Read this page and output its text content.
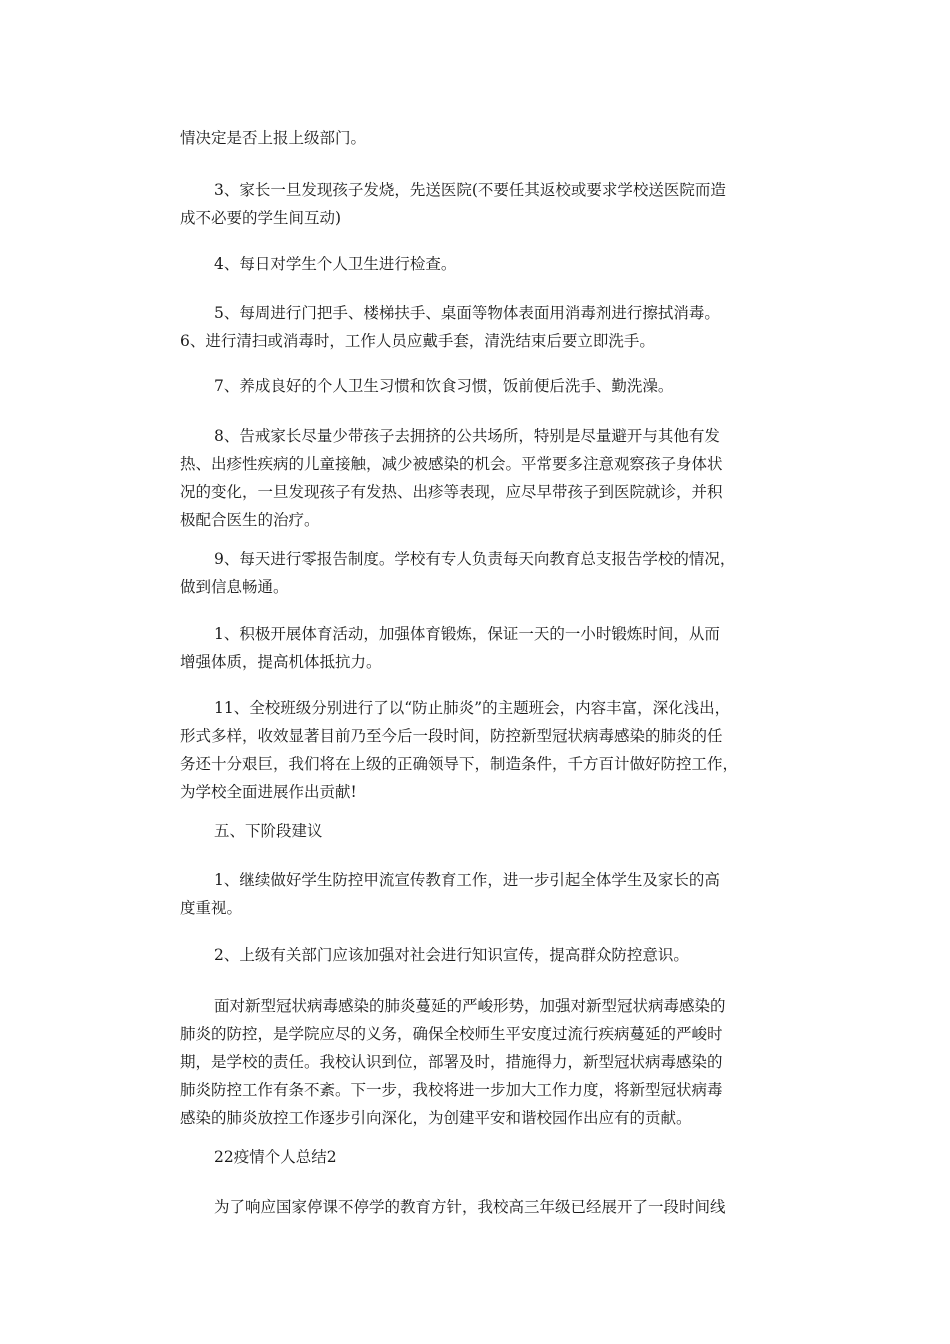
情决定是否上报上级部门。

3、家长一旦发现孩子发烧，先送医院(不要任其返校或要求学校送医院而造
成不必要的学生间互动)

4、每日对学生个人卫生进行检查。

5、每周进行门把手、楼梯扶手、桌面等物体表面用消毒剂进行擦拭消毒。
6、进行清扫或消毒时，工作人员应戴手套，清洗结束后要立即洗手。

7、养成良好的个人卫生习惯和饮食习惯，饭前便后洗手、勤洗澡。

8、告戒家长尽量少带孩子去拥挤的公共场所，特别是尽量避开与其他有发
热、出疹性疾病的儿童接触，减少被感染的机会。平常要多注意观察孩子身体状
况的变化，一旦发现孩子有发热、出疹等表现，应尽早带孩子到医院就诊，并积
极配合医生的治疗。

9、每天进行零报告制度。学校有专人负责每天向教育总支报告学校的情况，
做到信息畅通。

1、积极开展体育活动，加强体育锻炼，保证一天的一小时锻炼时间，从而
增强体质，提高机体抵抗力。

11、全校班级分别进行了以“防止肺炎”的主题班会，内容丰富，深化浅出，
形式多样，收效显著目前乃至今后一段时间，防控新型冠状病毒感染的肺炎的任
务还十分艰巨，我们将在上级的正确领导下，制造条件，千方百计做好防控工作，
为学校全面进展作出贡献!

五、下阶段建议

1、继续做好学生防控甲流宣传教育工作，进一步引起全体学生及家长的高
度重视。

2、上级有关部门应该加强对社会进行知识宣传，提高群众防控意识。

面对新型冠状病毒感染的肺炎蔓延的严峻形势，加强对新型冠状病毒感染的
肺炎的防控，是学院应尽的义务，确保全校师生平安度过流行疾病蔓延的严峻时
期，是学校的责任。我校认识到位，部署及时，措施得力，新型冠状病毒感染的
肺炎防控工作有条不紊。下一步，我校将进一步加大工作力度，将新型冠状病毒
感染的肺炎放控工作逐步引向深化，为创建平安和谐校园作出应有的贡献。

22疫情个人总结2

为了响应国家停课不停学的教育方针，我校高三年级已经展开了一段时间线
